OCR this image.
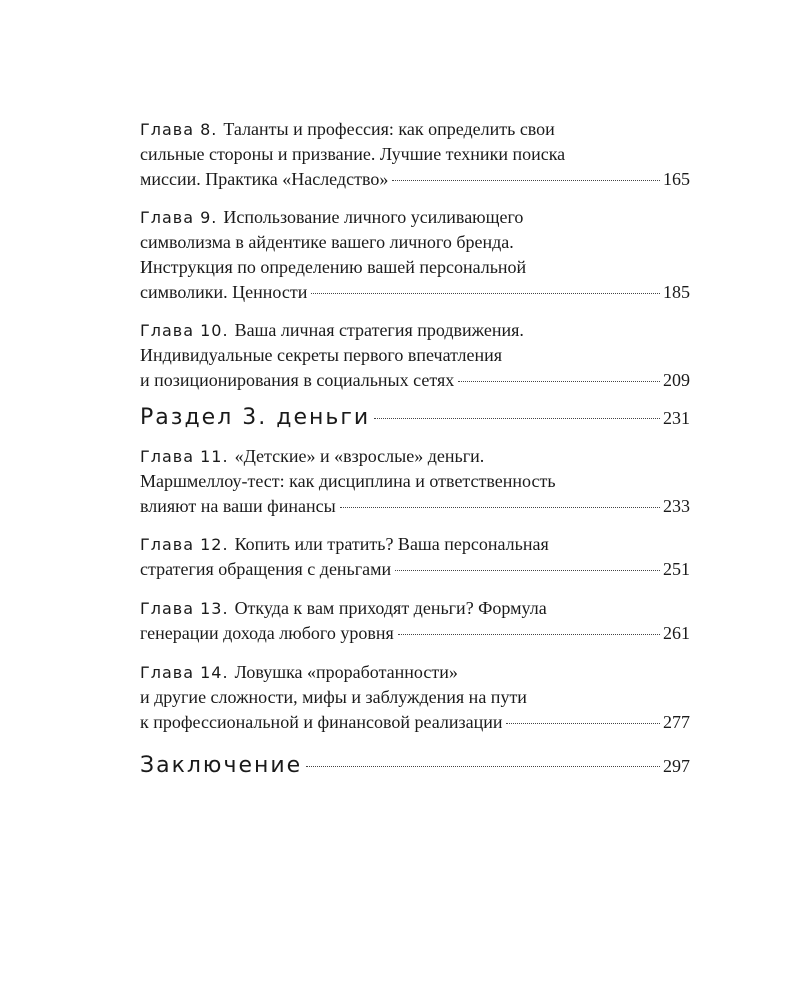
Глава 8. Таланты и профессия: как определить свои
сильные стороны и призвание. Лучшие техники поиска
миссии. Практика «Наследство»	165
Глава 9. Использование личного усиливающего
символизма в айдентике вашего личного бренда.
Инструкция по определению вашей персональной
символики. Ценности	185
Глава 10. Ваша личная стратегия продвижения.
Индивидуальные секреты первого впечатления
и позиционирования в социальных сетях	209
Раздел 3. деньги	231
Глава 11. «Детские» и «взрослые» деньги.
Маршмеллоу-тест: как дисциплина и ответственность
влияют на ваши финансы	233
Глава 12. Копить или тратить? Ваша персональная
стратегия обращения с деньгами	251
Глава 13. Откуда к вам приходят деньги? Формула
генерации дохода любого уровня	261
Глава 14. Ловушка «проработанности»
и другие сложности, мифы и заблуждения на пути
к профессиональной и финансовой реализации	277
Заключение	297
